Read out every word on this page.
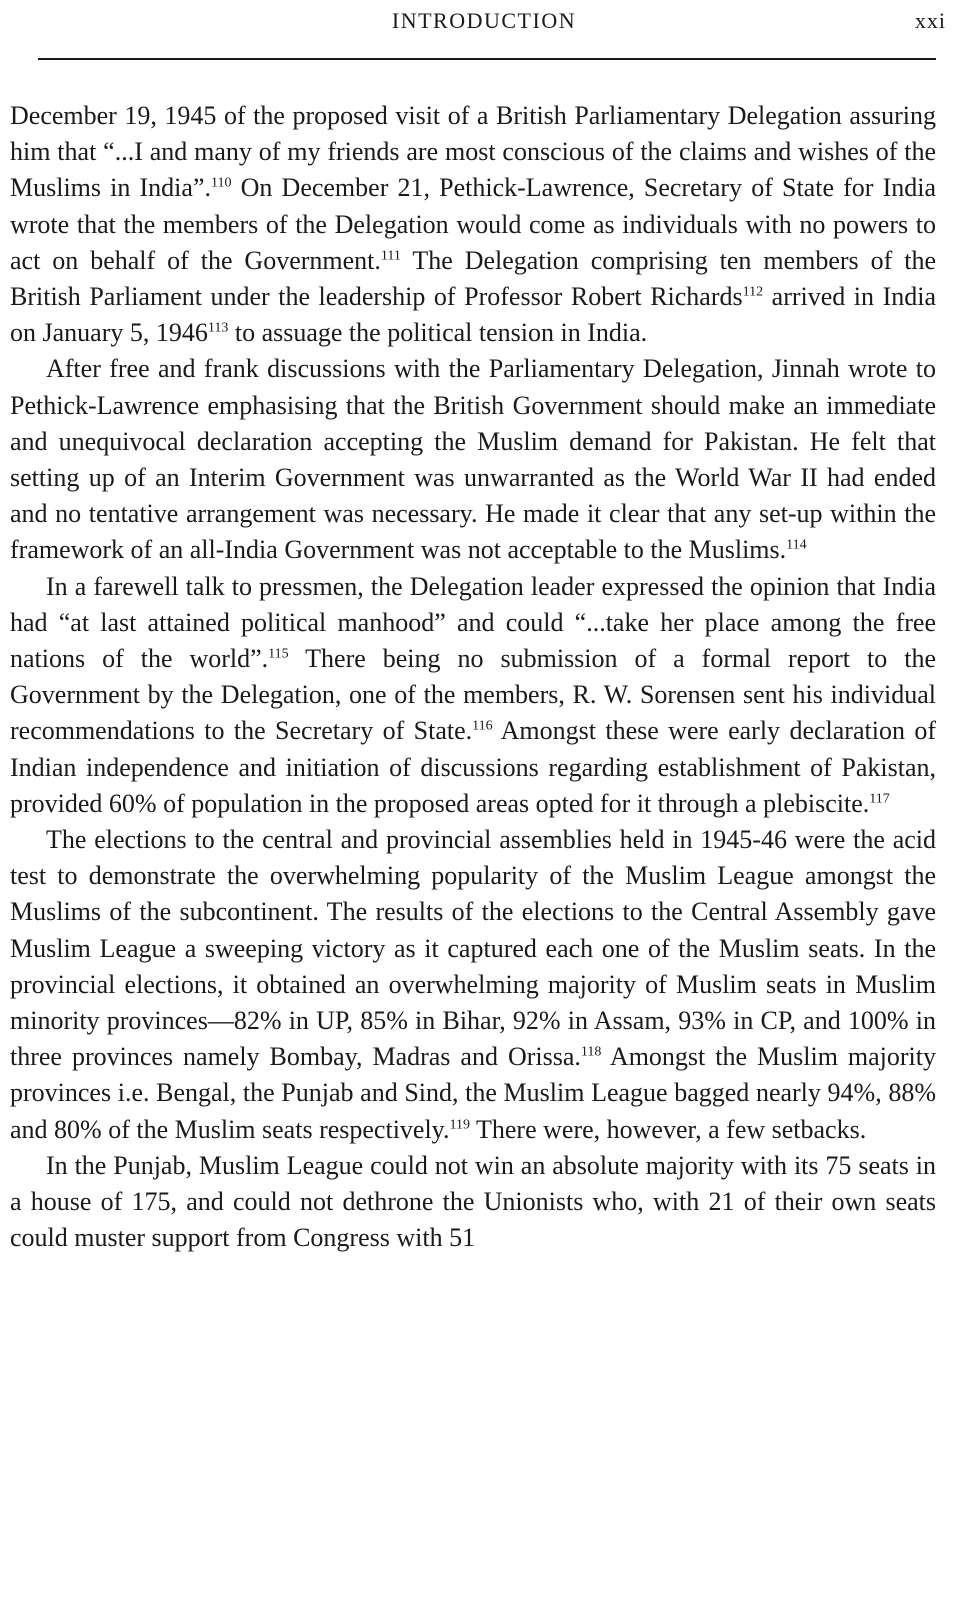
INTRODUCTION	xxi

December 19, 1945 of the proposed visit of a British Parliamentary Delegation assuring him that “...I and many of my friends are most conscious of the claims and wishes of the Muslims in India”.$^{110}$ On December 21, Pethick-Lawrence, Secretary of State for India wrote that the members of the Delegation would come as individuals with no powers to act on behalf of the Government.$^{111}$ The Delegation comprising ten members of the British Parliament under the leadership of Professor Robert Richards$^{112}$ arrived in India on January 5, 1946$^{113}$ to assuage the political tension in India.

After free and frank discussions with the Parliamentary Delegation, Jinnah wrote to Pethick-Lawrence emphasising that the British Government should make an immediate and unequivocal declaration accepting the Muslim demand for Pakistan. He felt that setting up of an Interim Government was unwarranted as the World War II had ended and no tentative arrangement was necessary. He made it clear that any set-up within the framework of an all-India Government was not acceptable to the Muslims.$^{114}$

In a farewell talk to pressmen, the Delegation leader expressed the opinion that India had “at last attained political manhood” and could “...take her place among the free nations of the world”.$^{115}$ There being no submission of a formal report to the Government by the Delegation, one of the members, R. W. Sorensen sent his individual recommendations to the Secretary of State.$^{116}$ Amongst these were early declaration of Indian independence and initiation of discussions regarding establishment of Pakistan, provided 60% of population in the proposed areas opted for it through a plebiscite.$^{117}$

The elections to the central and provincial assemblies held in 1945-46 were the acid test to demonstrate the overwhelming popularity of the Muslim League amongst the Muslims of the subcontinent. The results of the elections to the Central Assembly gave Muslim League a sweeping victory as it captured each one of the Muslim seats. In the provincial elections, it obtained an overwhelming majority of Muslim seats in Muslim minority provinces—82% in UP, 85% in Bihar, 92% in Assam, 93% in CP, and 100% in three provinces namely Bombay, Madras and Orissa.$^{118}$ Amongst the Muslim majority provinces i.e. Bengal, the Punjab and Sind, the Muslim League bagged nearly 94%, 88% and 80% of the Muslim seats respectively.$^{119}$ There were, however, a few setbacks.

In the Punjab, Muslim League could not win an absolute majority with its 75 seats in a house of 175, and could not dethrone the Unionists who, with 21 of their own seats could muster support from Congress with 51
